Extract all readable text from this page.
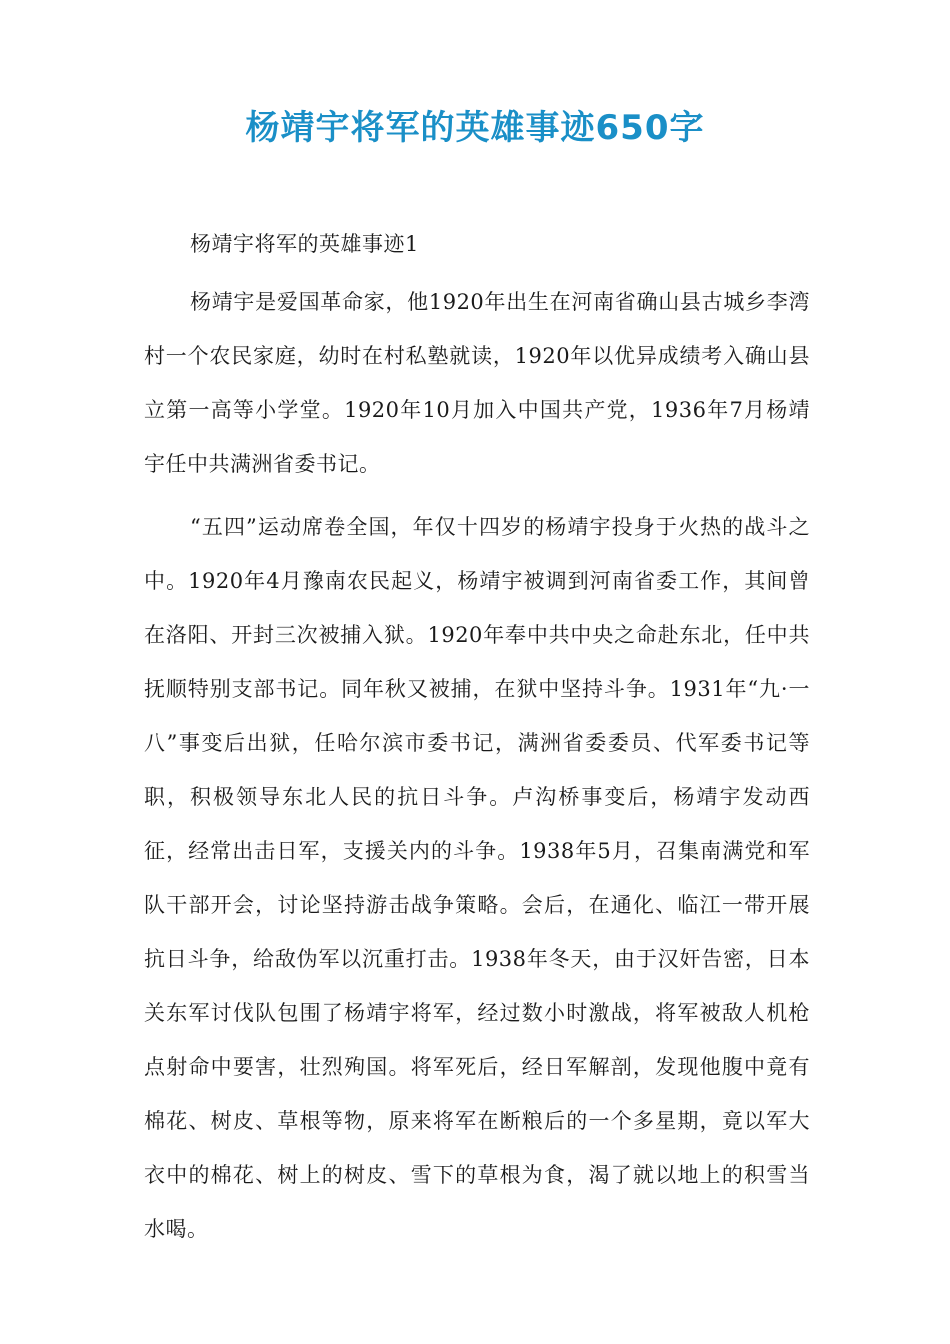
杨靖宇将军的英雄事迹650字

杨靖宇将军的英雄事迹1

杨靖宇是爱国革命家，他1920年出生在河南省确山县古城乡李湾村一个农民家庭，幼时在村私塾就读，1920年以优异成绩考入确山县立第一高等小学堂。1920年10月加入中国共产党，1936年7月杨靖宇任中共满洲省委书记。

“五四”运动席卷全国，年仅十四岁的杨靖宇投身于火热的战斗之中。1920年4月豫南农民起义，杨靖宇被调到河南省委工作，其间曾在洛阳、开封三次被捕入狱。1920年奉中共中央之命赴东北，任中共抚顺特别支部书记。同年秋又被捕，在狱中坚持斗争。1931年“九·一八”事变后出狱，任哈尔滨市委书记，满洲省委委员、代军委书记等职，积极领导东北人民的抗日斗争。卢沟桥事变后，杨靖宇发动西征，经常出击日军，支援关内的斗争。1938年5月，召集南满党和军队干部开会，讨论坚持游击战争策略。会后，在通化、临江一带开展抗日斗争，给敌伪军以沉重打击。1938年冬天，由于汉奸告密，日本关东军讨伐队包围了杨靖宇将军，经过数小时激战，将军被敌人机枪点射命中要害，壮烈殉国。将军死后，经日军解剖，发现他腹中竟有棉花、树皮、草根等物，原来将军在断粮后的一个多星期，竟以军大衣中的棉花、树上的树皮、雪下的草根为食，渴了就以地上的积雪当水喝。
